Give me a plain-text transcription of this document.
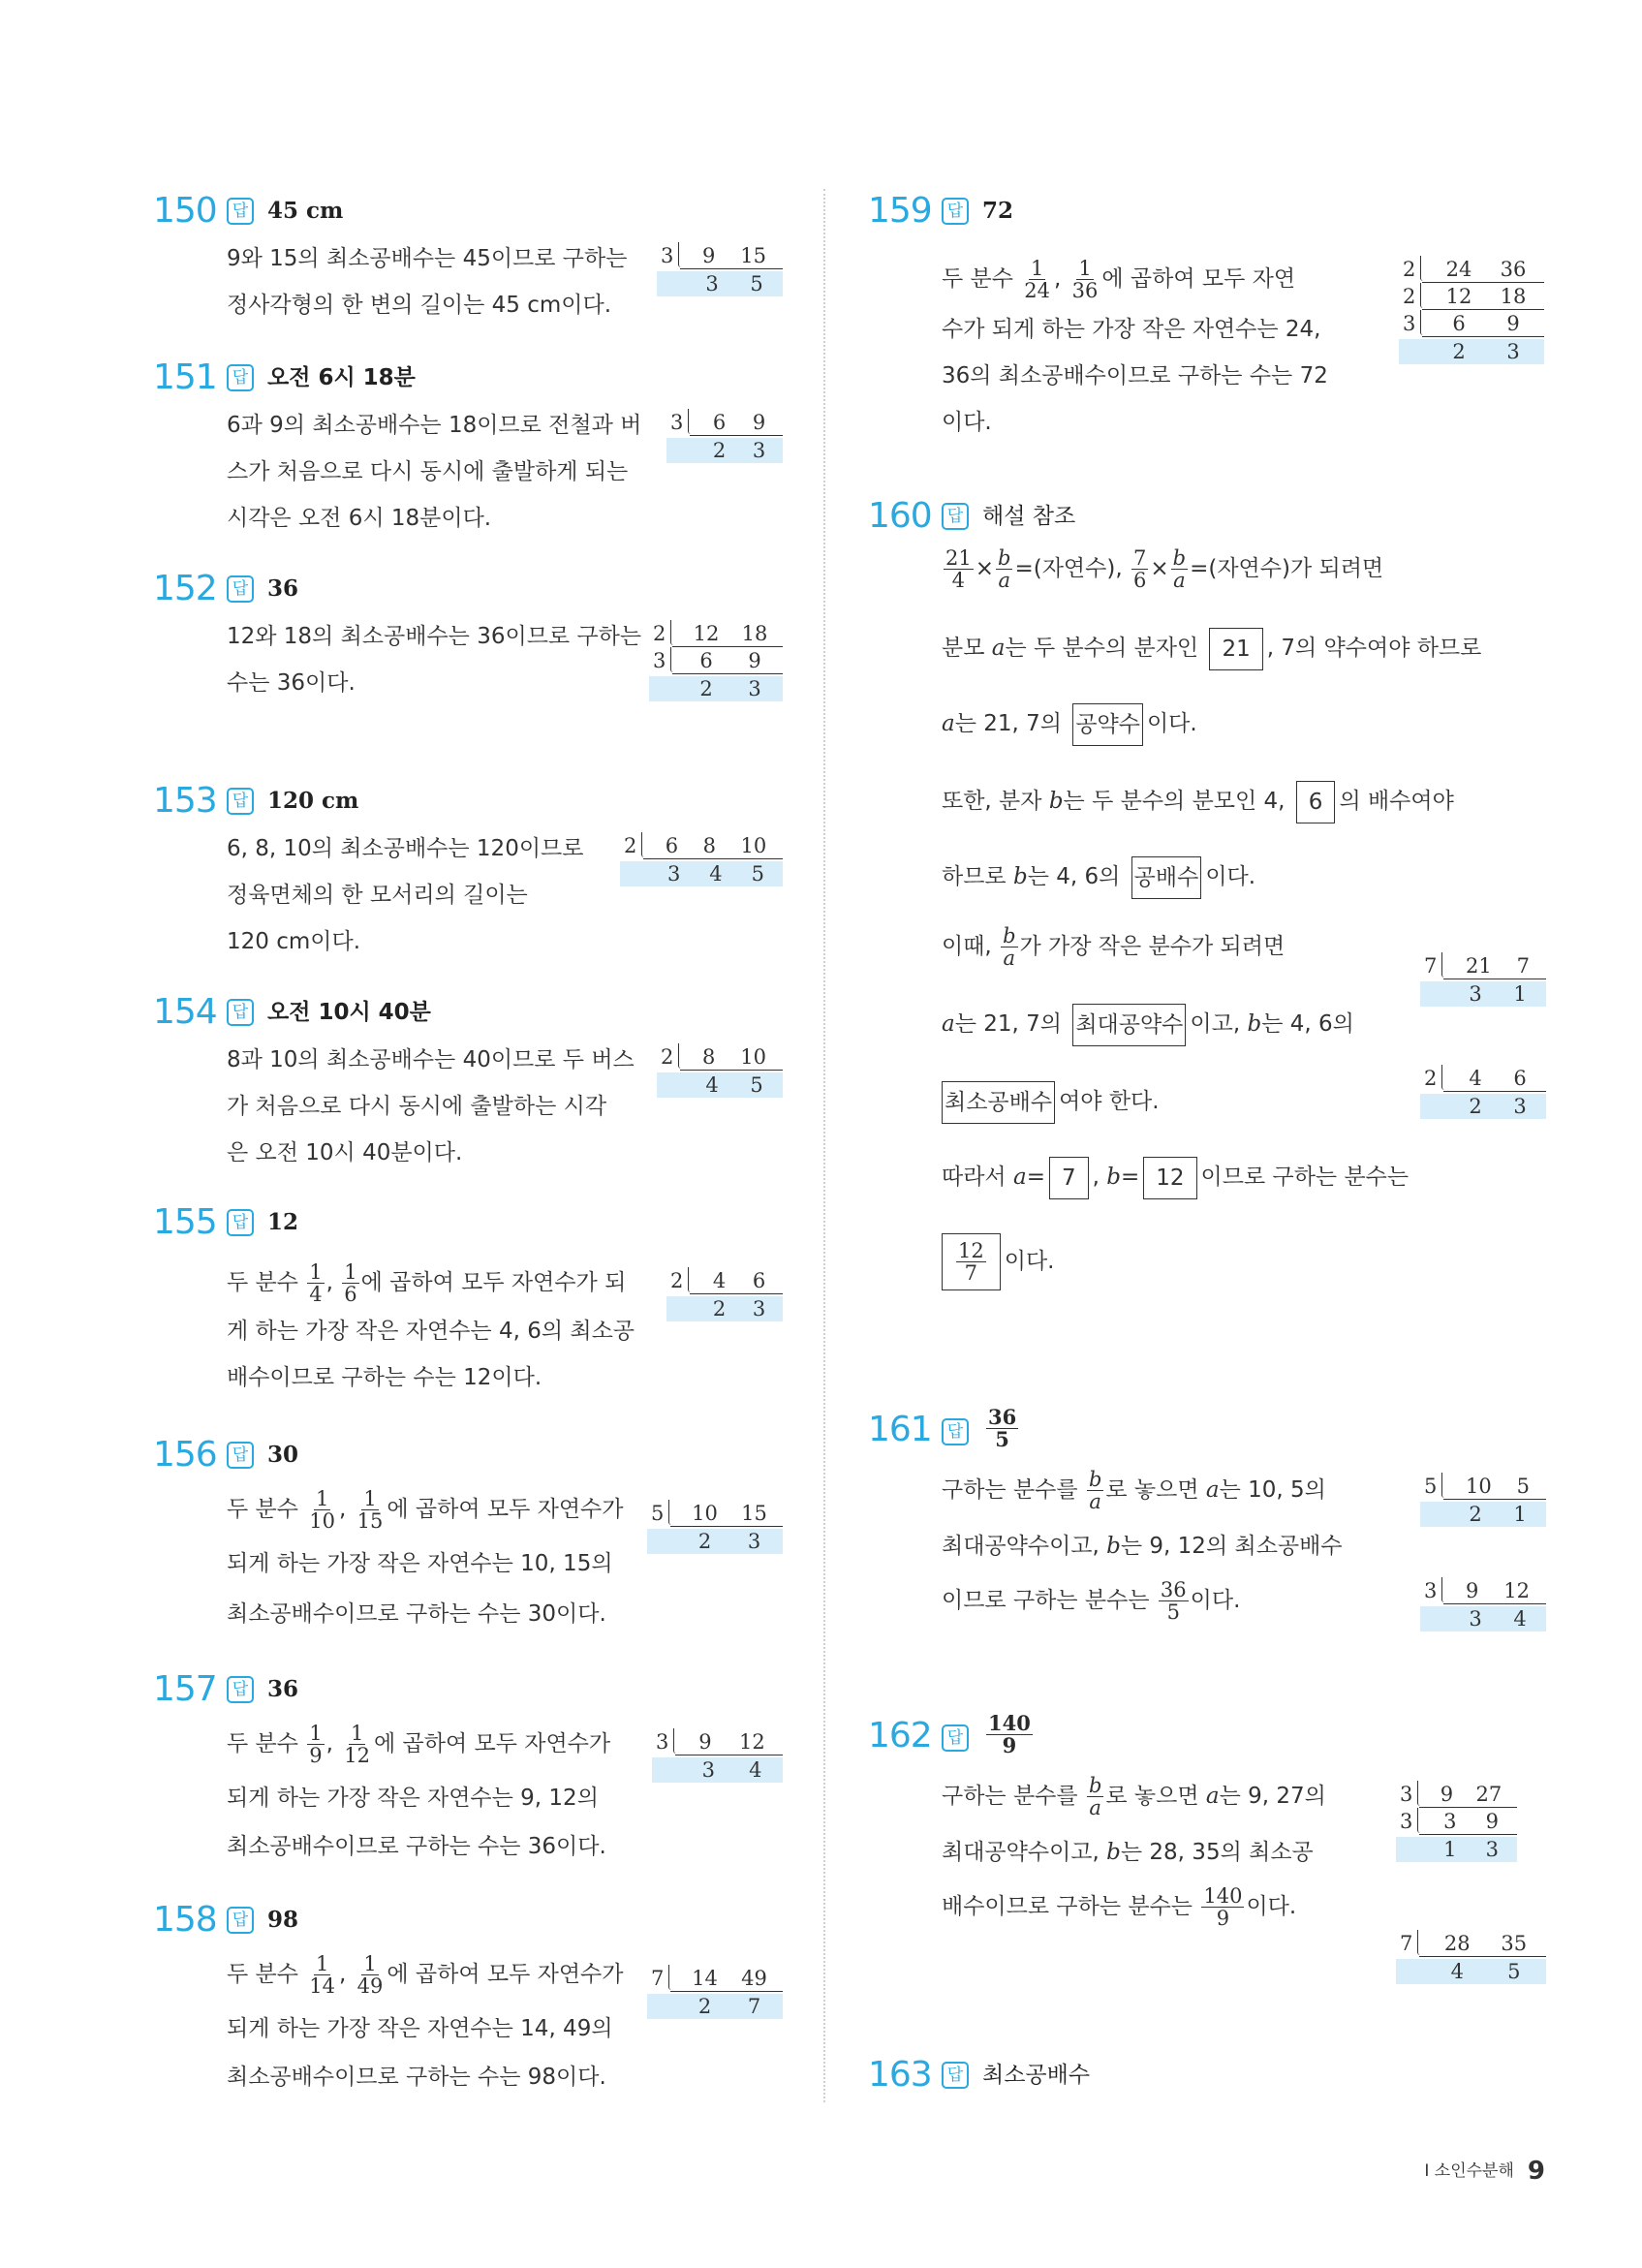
150 답 45 cm
9와 15의 최소공배수는 45이므로 구하는
정사각형의 한 변의 길이는 45 cm이다.
3 9 15
3 5
151 답 오전 6시 18분
6과 9의 최소공배수는 18이므로 전철과 버
스가 처음으로 다시 동시에 출발하게 되는
시각은 오전 6시 18분이다.
3 6 9
2 3
152 답 36
12와 18의 최소공배수는 36이므로 구하는
수는 36이다.
2 12 18
3 6 9
2 3
153 답 120 cm
6, 8, 10의 최소공배수는 120이므로
정육면체의 한 모서리의 길이는
120 cm이다.
2 6 8 10
3 4 5
154 답 오전 10시 40분
8과 10의 최소공배수는 40이므로 두 버스
가 처음으로 다시 동시에 출발하는 시각
은 오전 10시 40분이다.
2 8 10
4 5
155 답 12
두 분수 $\frac{1}{4}$ , $\frac{1}{6}$ 에 곱하여 모두 자연수가 되
게 하는 가장 작은 자연수는 4, 6의 최소공
배수이므로 구하는 수는 12이다.
2 4 6
2 3
156 답 30
두 분수 $\frac{1}{10}$ , $\frac{1}{15}$ 에 곱하여 모두 자연수가
되게 하는 가장 작은 자연수는 10, 15의
최소공배수이므로 구하는 수는 30이다.
5 10 15
2 3
157 답 36
두 분수 $\frac{1}{9}$ , $\frac{1}{12}$ 에 곱하여 모두 자연수가
되게 하는 가장 작은 자연수는 9, 12의
최소공배수이므로 구하는 수는 36이다.
3 9 12
3 4
158 답 98
두 분수 $\frac{1}{14}$ , $\frac{1}{49}$ 에 곱하여 모두 자연수가
되게 하는 가장 작은 자연수는 14, 49의
최소공배수이므로 구하는 수는 98이다.
7 14 49
2 7
159 답 72
두 분수 $\frac{1}{24}$ , $\frac{1}{36}$ 에 곱하여 모두 자연
수가 되게 하는 가장 작은 자연수는 24,
36의 최소공배수이므로 구하는 수는 72
이다.
2 24 36
2 12 18
3 6 9
2 3
160 답 해설 참조
$\frac{21}{4} \times \frac{b}{a}$ =(자연수), $\frac{7}{6} \times \frac{b}{a}$ =(자연수)가 되려면
분모 a는 두 분수의 분자인 21 , 7의 약수여야 하므로
a는 21, 7의 공약수 이다.
또한, 분자 b는 두 분수의 분모인 4, 6 의 배수여야
하므로 b는 4, 6의 공배수 이다.
이때, $\frac{b}{a}$ 가 가장 작은 분수가 되려면
a는 21, 7의 최대공약수 이고, b는 4, 6의
최소공배수 여야 한다.
따라서 a= 7 , b= 12 이므로 구하는 분수는
$\frac{12}{7}$ 이다.
7 21 7
3 1
2 4 6
2 3
161 답 $\frac{36}{5}$
구하는 분수를 $\frac{b}{a}$ 로 놓으면 a는 10, 5의
최대공약수이고, b는 9, 12의 최소공배수
이므로 구하는 분수는 $\frac{36}{5}$ 이다.
5 10 5
2 1
3 9 12
3 4
162 답 $\frac{140}{9}$
구하는 분수를 $\frac{b}{a}$ 로 놓으면 a는 9, 27의
최대공약수이고, b는 28, 35의 최소공
배수이므로 구하는 분수는 $\frac{140}{9}$ 이다.
3 9 27
3 3 9
1 3
7 28 35
4 5
163 답 최소공배수
Ⅰ 소인수분해 9
